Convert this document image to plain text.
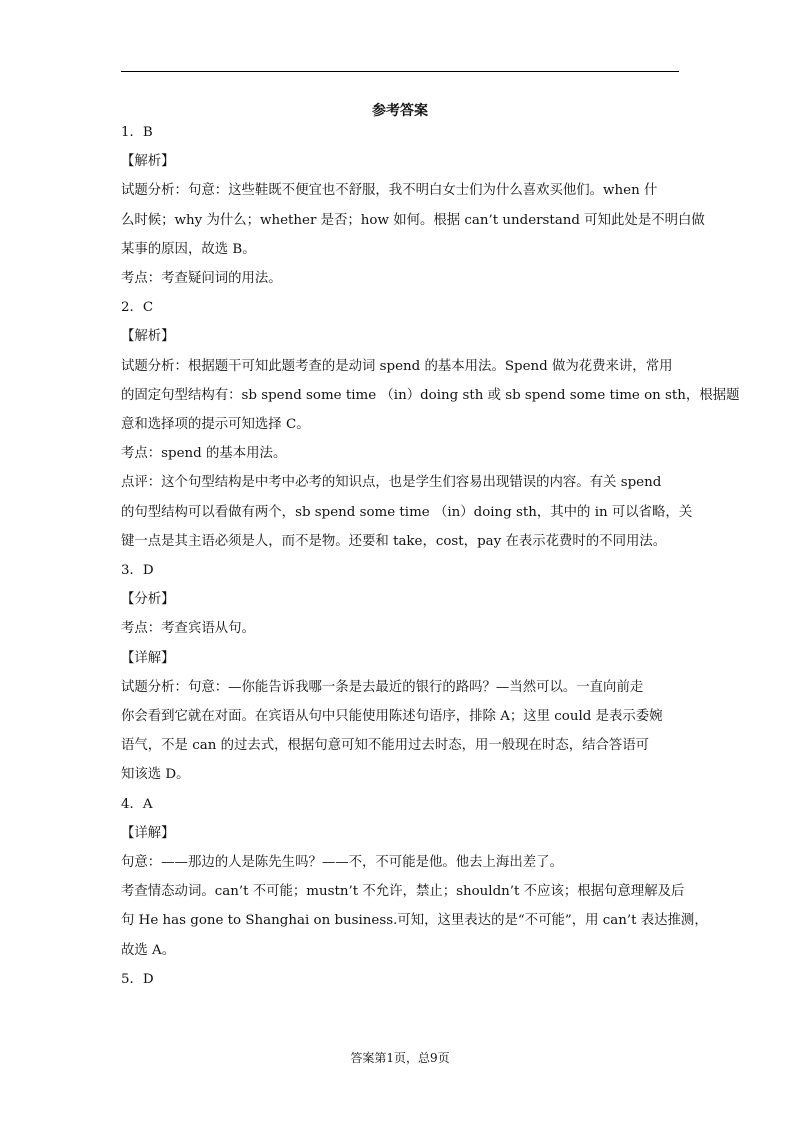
参考答案

1．B

【解析】

试题分析：句意：这些鞋既不便宜也不舒服，我不明白女士们为什么喜欢买他们。when 什

么时候；why 为什么；whether 是否；how 如何。根据 can’t understand 可知此处是不明白做

某事的原因，故选 B。

考点：考查疑问词的用法。

2．C

【解析】

试题分析：根据题干可知此题考查的是动词 spend 的基本用法。Spend 做为花费来讲，常用

的固定句型结构有：sb spend some time （in）doing sth 或 sb spend some time on sth，根据题

意和选择项的提示可知选择 C。

考点：spend 的基本用法。

点评：这个句型结构是中考中必考的知识点，也是学生们容易出现错误的内容。有关 spend

的句型结构可以看做有两个，sb spend some time （in）doing sth，其中的 in 可以省略，关

键一点是其主语必须是人，而不是物。还要和 take，cost，pay 在表示花费时的不同用法。

3．D

【分析】

考点：考查宾语从句。

【详解】

试题分析：句意：—你能告诉我哪一条是去最近的银行的路吗？—当然可以。一直向前走

你会看到它就在对面。在宾语从句中只能使用陈述句语序，排除 A；这里 could 是表示委婉

语气，不是 can 的过去式，根据句意可知不能用过去时态，用一般现在时态，结合答语可

知该选 D。

4．A

【详解】

句意：——那边的人是陈先生吗？——不，不可能是他。他去上海出差了。

考查情态动词。can’t 不可能；mustn’t 不允许，禁止；shouldn’t 不应该；根据句意理解及后

句 He has gone to Shanghai on business.可知，这里表达的是“不可能”，用 can’t 表达推测，

故选 A。

5．D

答案第1页，总9页
